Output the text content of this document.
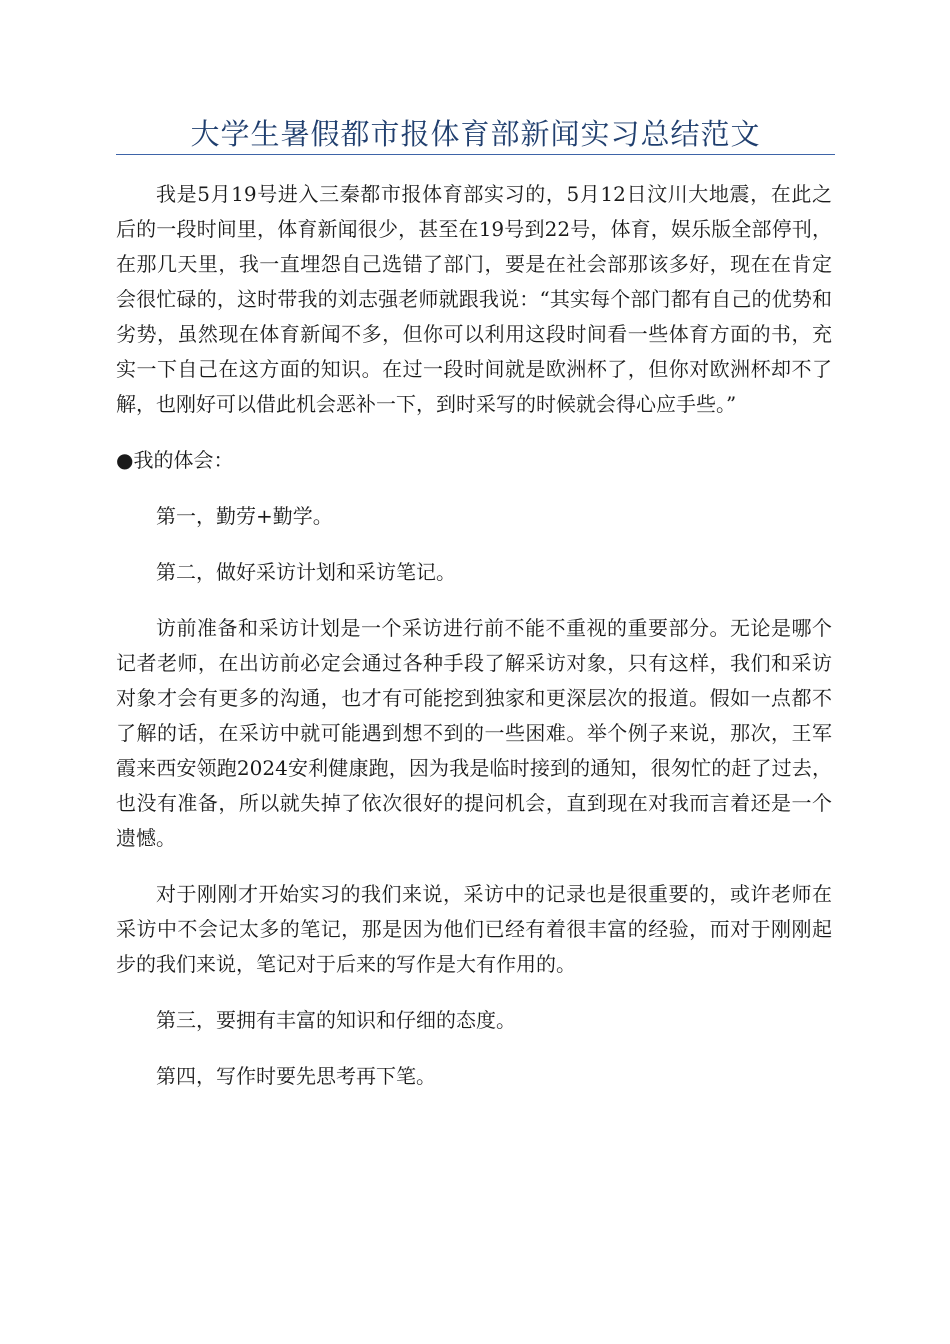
大学生暑假都市报体育部新闻实习总结范文

我是5月19号进入三秦都市报体育部实习的，5月12日汶川大地震，在此之后的一段时间里，体育新闻很少，甚至在19号到22号，体育，娱乐版全部停刊，在那几天里，我一直埋怨自己选错了部门，要是在社会部那该多好，现在在肯定会很忙碌的，这时带我的刘志强老师就跟我说：“其实每个部门都有自己的优势和劣势，虽然现在体育新闻不多，但你可以利用这段时间看一些体育方面的书，充实一下自己在这方面的知识。在过一段时间就是欧洲杯了，但你对欧洲杯却不了解，也刚好可以借此机会恶补一下，到时采写的时候就会得心应手些。”

●我的体会：

第一，勤劳+勤学。

第二，做好采访计划和采访笔记。

访前准备和采访计划是一个采访进行前不能不重视的重要部分。无论是哪个记者老师，在出访前必定会通过各种手段了解采访对象，只有这样，我们和采访对象才会有更多的沟通，也才有可能挖到独家和更深层次的报道。假如一点都不了解的话，在采访中就可能遇到想不到的一些困难。举个例子来说，那次，王军霞来西安领跑2024安利健康跑，因为我是临时接到的通知，很匆忙的赶了过去，也没有准备，所以就失掉了依次很好的提问机会，直到现在对我而言着还是一个遗憾。

对于刚刚才开始实习的我们来说，采访中的记录也是很重要的，或许老师在采访中不会记太多的笔记，那是因为他们已经有着很丰富的经验，而对于刚刚起步的我们来说，笔记对于后来的写作是大有作用的。

第三，要拥有丰富的知识和仔细的态度。

第四，写作时要先思考再下笔。
